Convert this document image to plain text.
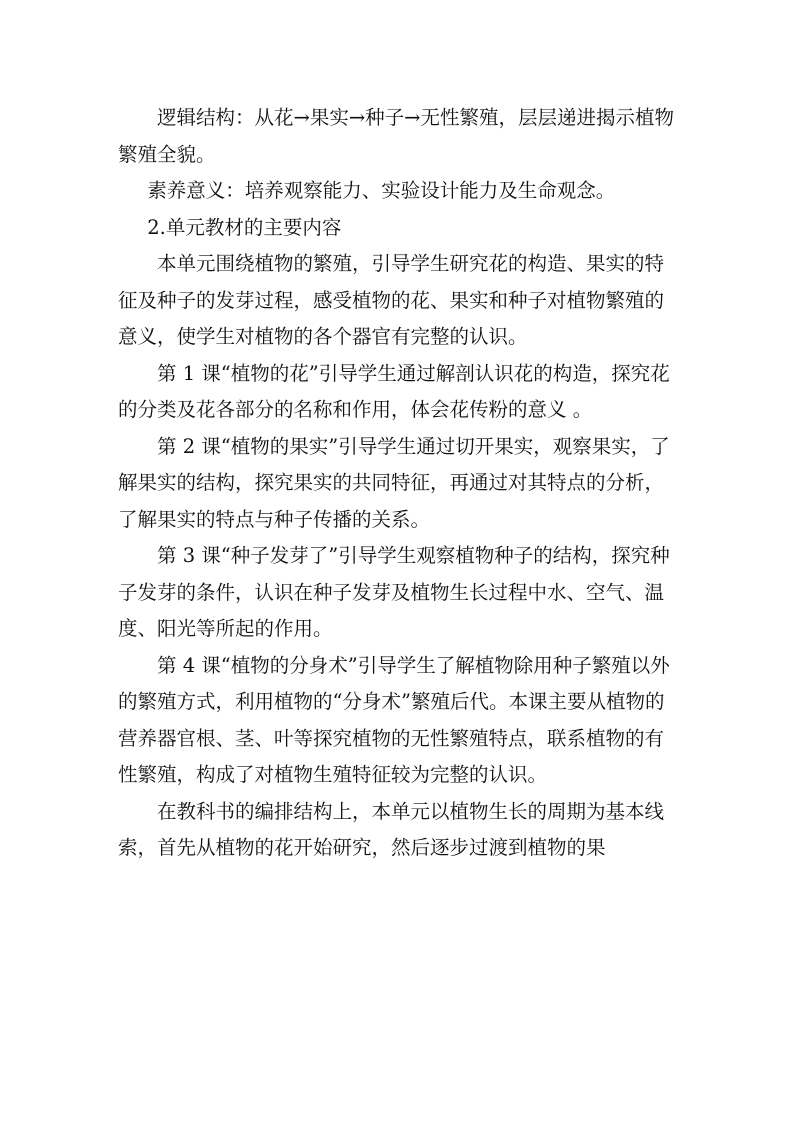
逻辑结构：从花→果实→种子→无性繁殖，层层递进揭示植物繁殖全貌。

素养意义：培养观察能力、实验设计能力及生命观念。

2.单元教材的主要内容

本单元围绕植物的繁殖，引导学生研究花的构造、果实的特征及种子的发芽过程，感受植物的花、果实和种子对植物繁殖的意义，使学生对植物的各个器官有完整的认识。

第 1 课“植物的花”引导学生通过解剖认识花的构造，探究花的分类及花各部分的名称和作用，体会花传粉的意义 。

第 2 课“植物的果实”引导学生通过切开果实，观察果实，了解果实的结构，探究果实的共同特征，再通过对其特点的分析，了解果实的特点与种子传播的关系。

第 3 课“种子发芽了”引导学生观察植物种子的结构，探究种子发芽的条件，认识在种子发芽及植物生长过程中水、空气、温度、阳光等所起的作用。

第 4 课“植物的分身术”引导学生了解植物除用种子繁殖以外的繁殖方式，利用植物的“分身术”繁殖后代。本课主要从植物的营养器官根、茎、叶等探究植物的无性繁殖特点，联系植物的有性繁殖，构成了对植物生殖特征较为完整的认识。

在教科书的编排结构上，本单元以植物生长的周期为基本线索，首先从植物的花开始研究，然后逐步过渡到植物的果
